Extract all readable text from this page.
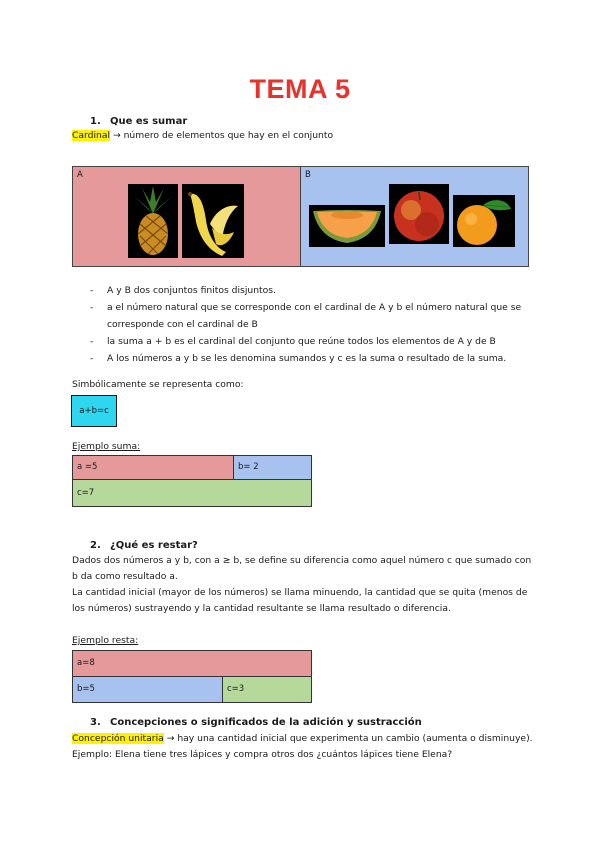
TEMA 5
1. Que es sumar
Cardinal → número de elementos que hay en el conjunto
A	B
- A y B dos conjuntos finitos disjuntos.
- a el número natural que se corresponde con el cardinal de A y b el número natural que se corresponde con el cardinal de B
- la suma a + b es el cardinal del conjunto que reúne todos los elementos de A y de B
- A los números a y b se les denomina sumandos y c es la suma o resultado de la suma.
Simbólicamente se representa como:
a+b=c
Ejemplo suma:
a =5	b= 2
c=7
2. ¿Qué es restar?
Dados dos números a y b, con a ≥ b, se define su diferencia como aquel número c que sumado con b da como resultado a.
La cantidad inicial (mayor de los números) se llama minuendo, la cantidad que se quita (menos de los números) sustrayendo y la cantidad resultante se llama resultado o diferencia.
Ejemplo resta:
a=8
b=5	c=3
3. Concepciones o significados de la adición y sustracción
Concepción unitaria → hay una cantidad inicial que experimenta un cambio (aumenta o disminuye). Ejemplo: Elena tiene tres lápices y compra otros dos ¿cuántos lápices tiene Elena?
